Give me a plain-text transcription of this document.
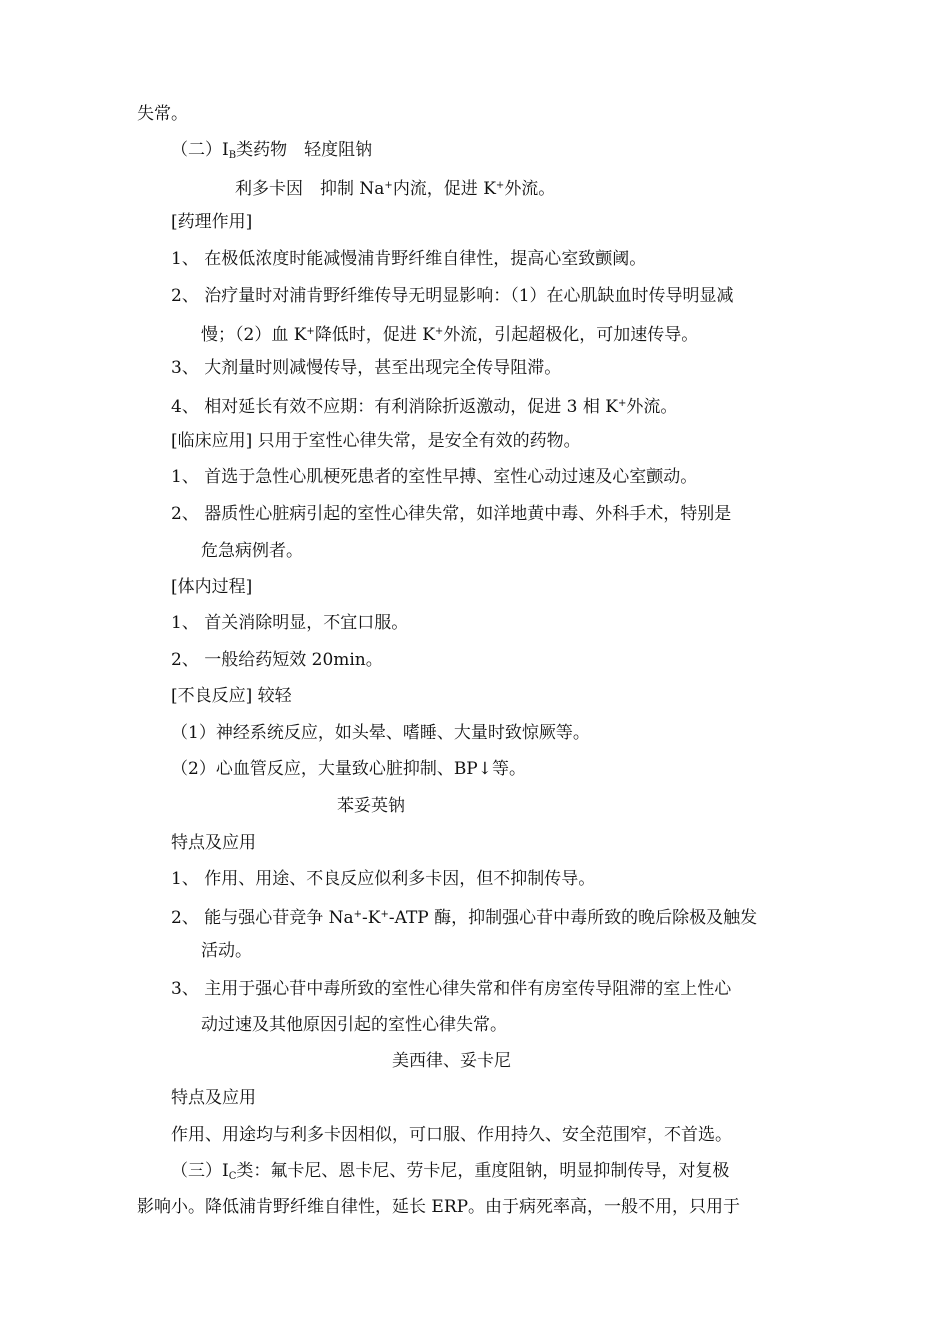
失常。
（二）$I_B$类药物　轻度阻钠
利多卡因　抑制 Na+内流，促进 K+外流。
[药理作用]
1、 在极低浓度时能减慢浦肯野纤维自律性，提高心室致颤阈。
2、 治疗量时对浦肯野纤维传导无明显影响：（1）在心肌缺血时传导明显减
慢；（2）血 K+降低时，促进 K+外流，引起超极化，可加速传导。
3、 大剂量时则减慢传导，甚至出现完全传导阻滞。
4、 相对延长有效不应期：有利消除折返激动，促进 3 相 K+外流。
[临床应用] 只用于室性心律失常，是安全有效的药物。
1、 首选于急性心肌梗死患者的室性早搏、室性心动过速及心室颤动。
2、 器质性心脏病引起的室性心律失常，如洋地黄中毒、外科手术，特别是
危急病例者。
[体内过程]
1、 首关消除明显，不宜口服。
2、 一般给药短效 20min。
[不良反应] 较轻
（1）神经系统反应，如头晕、嗜睡、大量时致惊厥等。
（2）心血管反应，大量致心脏抑制、BP↓等。
苯妥英钠
特点及应用
1、 作用、用途、不良反应似利多卡因，但不抑制传导。
2、 能与强心苷竞争 Na+-K+-ATP 酶，抑制强心苷中毒所致的晚后除极及触发
活动。
3、 主用于强心苷中毒所致的室性心律失常和伴有房室传导阻滞的室上性心
动过速及其他原因引起的室性心律失常。
美西律、妥卡尼
特点及应用
作用、用途均与利多卡因相似，可口服、作用持久、安全范围窄，不首选。
（三）$I_C$类：氟卡尼、恩卡尼、劳卡尼，重度阻钠，明显抑制传导，对复极
影响小。降低浦肯野纤维自律性，延长 ERP。由于病死率高，一般不用，只用于
